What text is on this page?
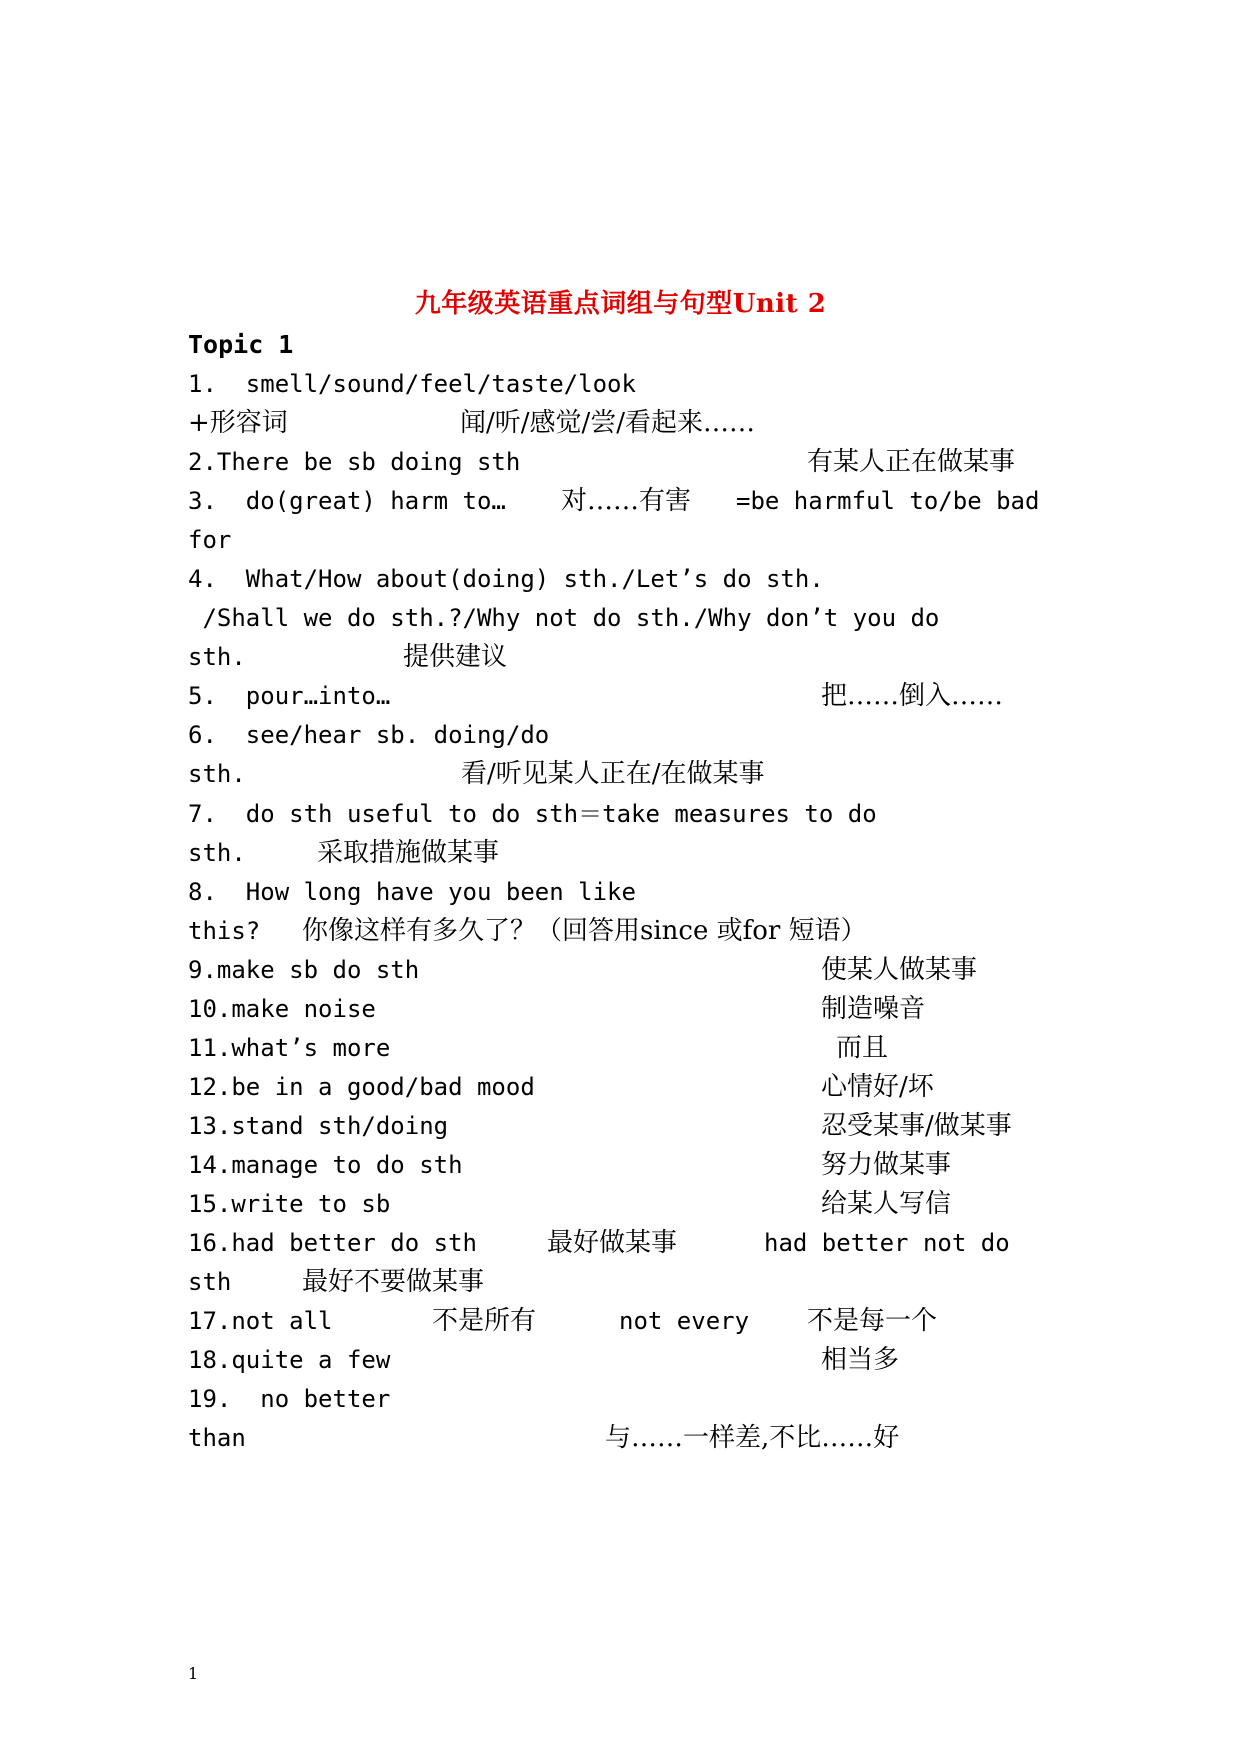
九年级英语重点词组与句型Unit 2
Topic 1
1.  smell/sound/feel/taste/look
+形容词	闻/听/感觉/尝/看起来……
2.There be sb doing sth	有某人正在做某事
3.  do(great) harm to… 对……有害 =be harmful to/be bad
for
4.  What/How about(doing) sth./Let’s do sth.
/Shall we do sth.?/Why not do sth./Why don’t you do
sth.	提供建议
5.  pour…into…	把……倒入……
6.  see/hear sb. doing/do
sth.	看/听见某人正在/在做某事
7.  do sth useful to do sth＝take measures to do
sth.	采取措施做某事
8.  How long have you been like
this? 你像这样有多久了？（回答用since 或for 短语）
9.make sb do sth	使某人做某事
10.make noise	制造噪音
11.what’s more	而且
12.be in a good/bad mood	心情好/坏
13.stand sth/doing	忍受某事/做某事
14.manage to do sth	努力做某事
15.write to sb	给某人写信
16.had better do sth	最好做某事	had better not do
sth	最好不要做某事
17.not all	不是所有	not every 不是每一个
18.quite a few	相当多
19.  no better
than	与……一样差,不比……好
1
